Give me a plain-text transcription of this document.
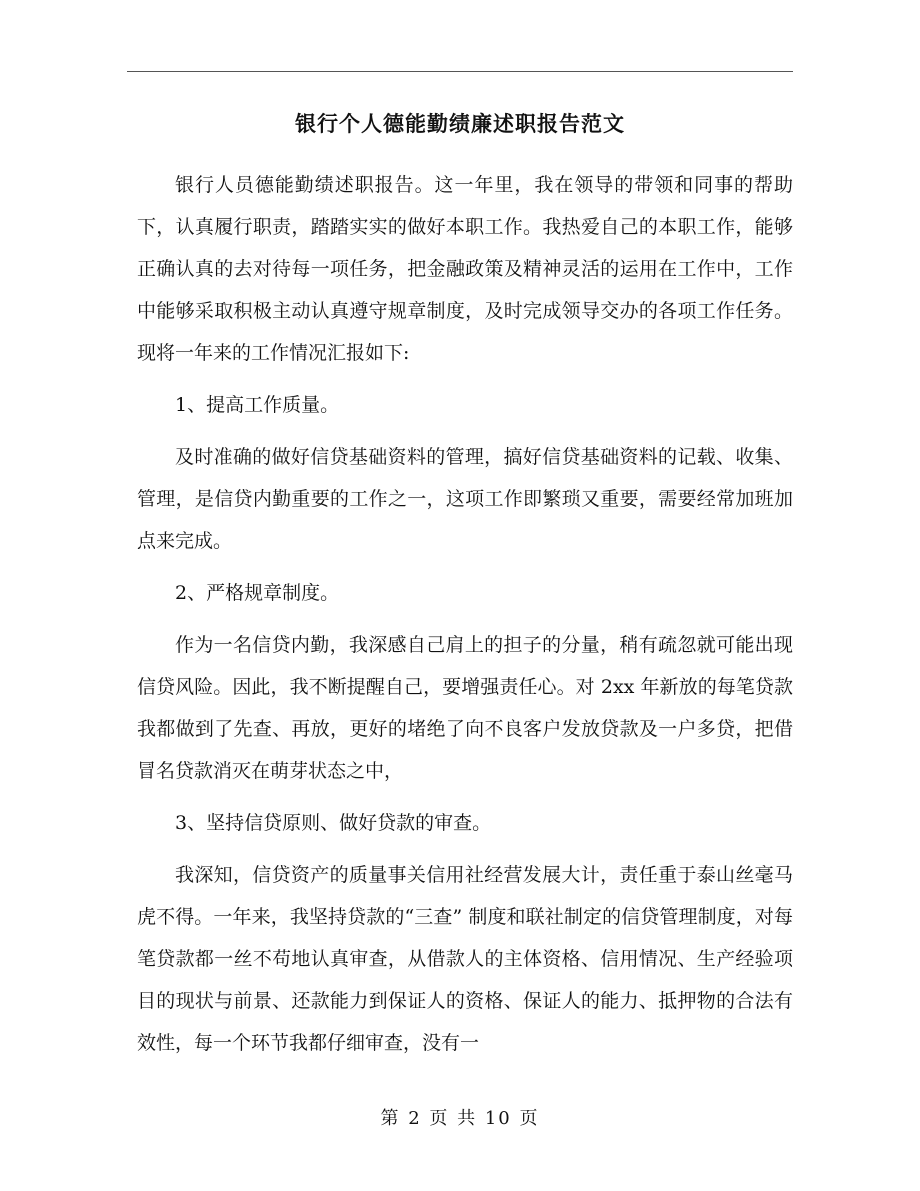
银行个人德能勤绩廉述职报告范文

银行人员德能勤绩述职报告。这一年里，我在领导的带领和同事的帮助下，认真履行职责，踏踏实实的做好本职工作。我热爱自己的本职工作，能够正确认真的去对待每一项任务，把金融政策及精神灵活的运用在工作中，工作中能够采取积极主动认真遵守规章制度，及时完成领导交办的各项工作任务。现将一年来的工作情况汇报如下:

1、提高工作质量。

及时准确的做好信贷基础资料的管理，搞好信贷基础资料的记载、收集、管理，是信贷内勤重要的工作之一，这项工作即繁琐又重要，需要经常加班加点来完成。

2、严格规章制度。

作为一名信贷内勤，我深感自己肩上的担子的分量，稍有疏忽就可能出现信贷风险。因此，我不断提醒自己，要增强责任心。对 2xx 年新放的每笔贷款我都做到了先查、再放，更好的堵绝了向不良客户发放贷款及一户多贷，把借冒名贷款消灭在萌芽状态之中，

3、坚持信贷原则、做好贷款的审查。

我深知，信贷资产的质量事关信用社经营发展大计，责任重于泰山丝毫马虎不得。一年来，我坚持贷款的“三查” 制度和联社制定的信贷管理制度，对每笔贷款都一丝不苟地认真审查，从借款人的主体资格、信用情况、生产经验项目的现状与前景、还款能力到保证人的资格、保证人的能力、抵押物的合法有效性，每一个环节我都仔细审查，没有一

第 2 页 共 10 页
